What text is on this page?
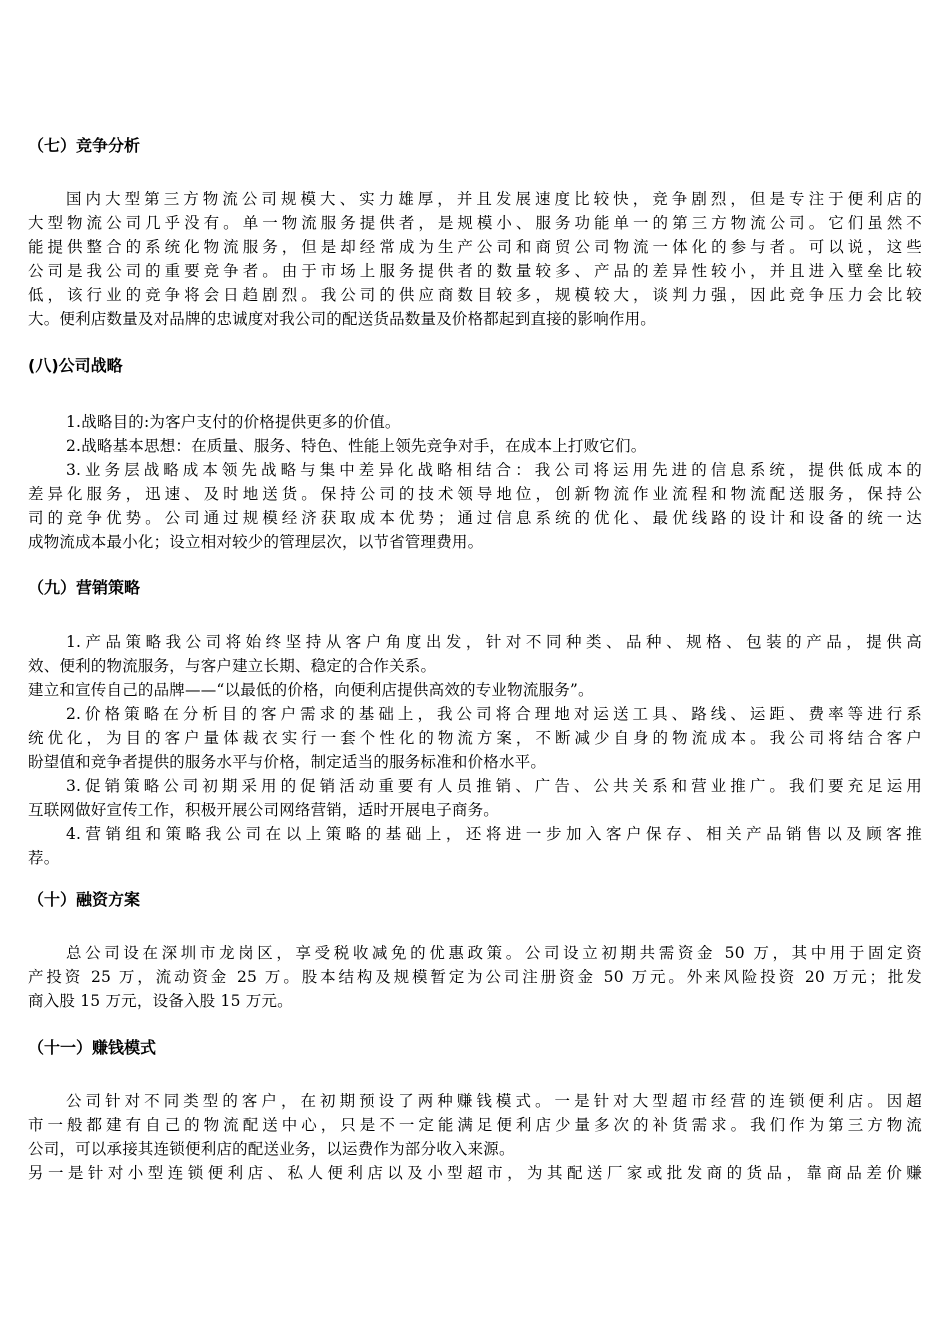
（七）竞争分析
国内大型第三方物流公司规模大、实力雄厚，并且发展速度比较快，竞争剧烈，但是专注于便利店的
大型物流公司几乎没有。单一物流服务提供者，是规模小、服务功能单一的第三方物流公司。它们虽然不
能提供整合的系统化物流服务，但是却经常成为生产公司和商贸公司物流一体化的参与者。可以说，这些
公司是我公司的重要竞争者。由于市场上服务提供者的数量较多、产品的差异性较小，并且进入壁垒比较
低，该行业的竞争将会日趋剧烈。我公司的供应商数目较多，规模较大，谈判力强，因此竞争压力会比较
大。便利店数量及对品牌的忠诚度对我公司的配送货品数量及价格都起到直接的影响作用。
(八)公司战略
1.战略目的:为客户支付的价格提供更多的价值。
2.战略基本思想：在质量、服务、特色、性能上领先竞争对手，在成本上打败它们。
3.业务层战略成本领先战略与集中差异化战略相结合：我公司将运用先进的信息系统，提供低成本的
差异化服务，迅速、及时地送货。保持公司的技术领导地位，创新物流作业流程和物流配送服务，保持公
司的竞争优势。公司通过规模经济获取成本优势；通过信息系统的优化、最优线路的设计和设备的统一达
成物流成本最小化；设立相对较少的管理层次，以节省管理费用。
（九）营销策略
1.产品策略我公司将始终坚持从客户角度出发，针对不同种类、品种、规格、包装的产品，提供高
效、便利的物流服务，与客户建立长期、稳定的合作关系。
建立和宣传自己的品牌——“以最低的价格，向便利店提供高效的专业物流服务”。
2.价格策略在分析目的客户需求的基础上，我公司将合理地对运送工具、路线、运距、费率等进行系
统优化，为目的客户量体裁衣实行一套个性化的物流方案，不断减少自身的物流成本。我公司将结合客户
盼望值和竞争者提供的服务水平与价格，制定适当的服务标准和价格水平。
3.促销策略公司初期采用的促销活动重要有人员推销、广告、公共关系和营业推广。我们要充足运用
互联网做好宣传工作，积极开展公司网络营销，适时开展电子商务。
4.营销组和策略我公司在以上策略的基础上，还将进一步加入客户保存、相关产品销售以及顾客推
荐。
（十）融资方案
总公司设在深圳市龙岗区，享受税收减免的优惠政策。公司设立初期共需资金 50 万，其中用于固定资
产投资 25 万，流动资金 25 万。股本结构及规模暂定为公司注册资金 50 万元。外来风险投资 20 万元；批发
商入股 15 万元，设备入股 15 万元。
（十一）赚钱模式
公司针对不同类型的客户，在初期预设了两种赚钱模式。一是针对大型超市经营的连锁便利店。因超
市一般都建有自己的物流配送中心，只是不一定能满足便利店少量多次的补货需求。我们作为第三方物流
公司，可以承接其连锁便利店的配送业务，以运费作为部分收入来源。
另一是针对小型连锁便利店、私人便利店以及小型超市，为其配送厂家或批发商的货品，靠商品差价赚
